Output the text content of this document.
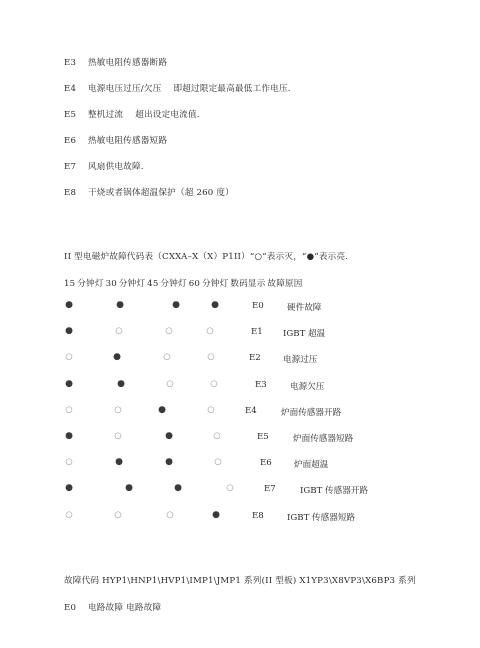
E3 热敏电阻传感器断路
E4 电源电压过压/欠压 即超过限定最高最低工作电压.
E5 整机过流 超出设定电流值.
E6 热敏电阻传感器短路
E7 风扇供电故障.
E8 干烧或者锅体超温保护（超 260 度）
II 型电磁炉故障代码表（CXXA–X（X）P1II）“○”表示灭，“●”表示亮.
15 分钟灯 30 分钟灯 45 分钟灯 60 分钟灯 数码显示 故障原因
●	●	●	●	E0	硬件故障
●	○	○	○	E1 IGBT 超温
○	●	○	○	E2	电源过压
●	●	○	○	E3	电源欠压
○	○	●	○	E4	炉面传感器开路
●	○	●	○	E5	炉面传感器短路
○	●	●	○	E6	炉面超温
●	●	●	○	E7	IGBT 传感器开路
○	○	○	●	E8	IGBT 传感器短路
故障代码 HYP1\HNP1\HVP1\IMP1\JMP1 系列(II 型板) X1YP3\X8VP3\X6BP3 系列
E0 电路故障 电路故障
